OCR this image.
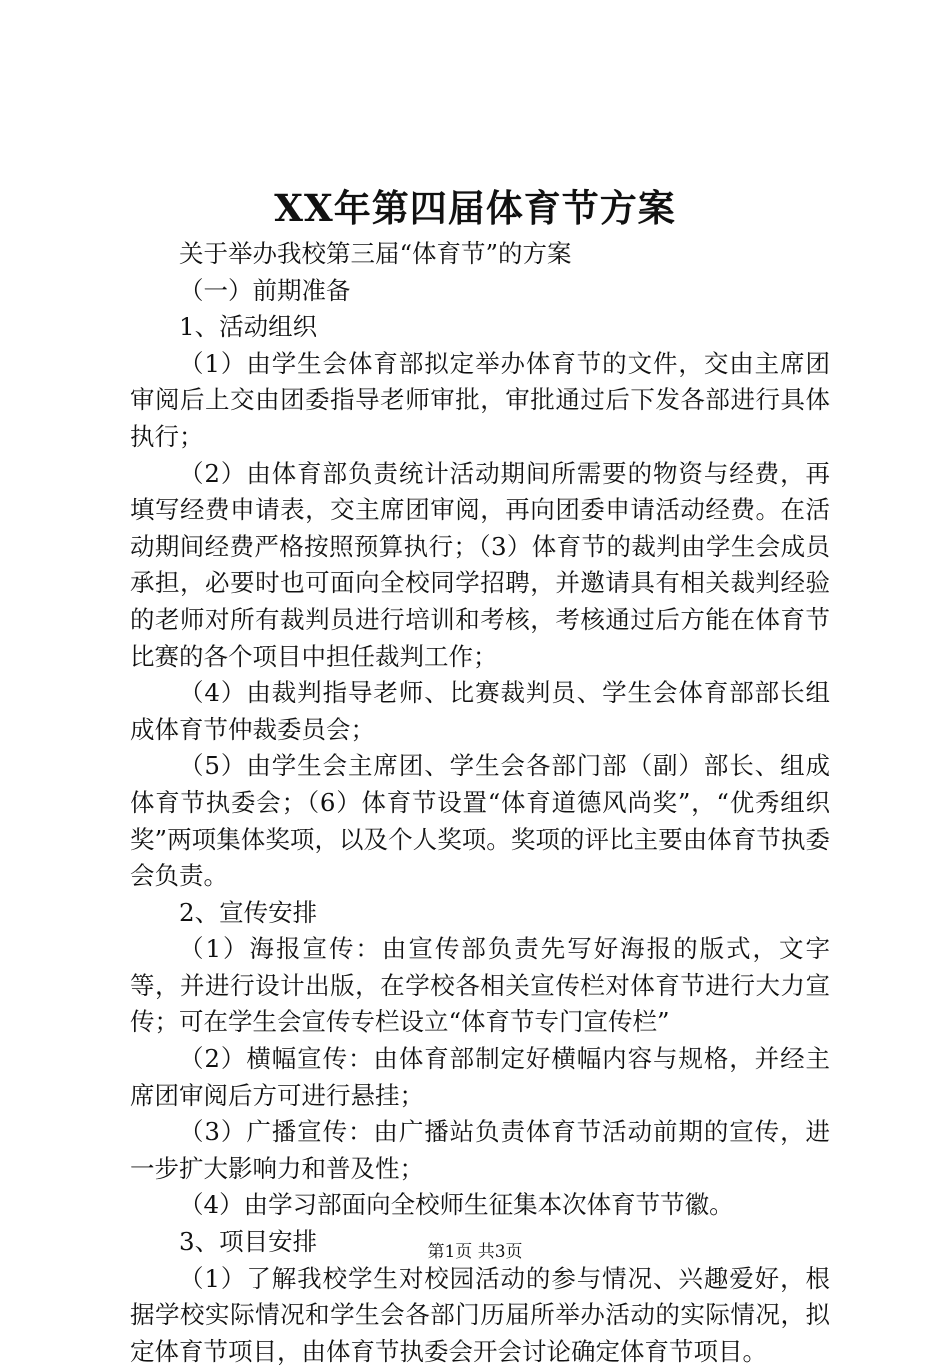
XX年第四届体育节方案

关于举办我校第三届“体育节”的方案

（一）前期准备

1、活动组织

（1）由学生会体育部拟定举办体育节的文件，交由主席团审阅后上交由团委指导老师审批，审批通过后下发各部进行具体执行；

（2）由体育部负责统计活动期间所需要的物资与经费，再填写经费申请表，交主席团审阅，再向团委申请活动经费。在活动期间经费严格按照预算执行；（3）体育节的裁判由学生会成员承担，必要时也可面向全校同学招聘，并邀请具有相关裁判经验的老师对所有裁判员进行培训和考核，考核通过后方能在体育节比赛的各个项目中担任裁判工作；

（4）由裁判指导老师、比赛裁判员、学生会体育部部长组成体育节仲裁委员会；

（5）由学生会主席团、学生会各部门部（副）部长、组成体育节执委会；（6）体育节设置“体育道德风尚奖”，“优秀组织奖”两项集体奖项，以及个人奖项。奖项的评比主要由体育节执委会负责。

2、宣传安排

（1）海报宣传：由宣传部负责先写好海报的版式，文字等，并进行设计出版，在学校各相关宣传栏对体育节进行大力宣传；可在学生会宣传专栏设立“体育节专门宣传栏”

（2）横幅宣传：由体育部制定好横幅内容与规格，并经主席团审阅后方可进行悬挂；

（3）广播宣传：由广播站负责体育节活动前期的宣传，进一步扩大影响力和普及性；

（4）由学习部面向全校师生征集本次体育节节徽。

3、项目安排

（1）了解我校学生对校园活动的参与情况、兴趣爱好，根据学校实际情况和学生会各部门历届所举办活动的实际情况，拟定体育节项目，由体育节执委会开会讨论确定体育节项目。

第1页 共3页
